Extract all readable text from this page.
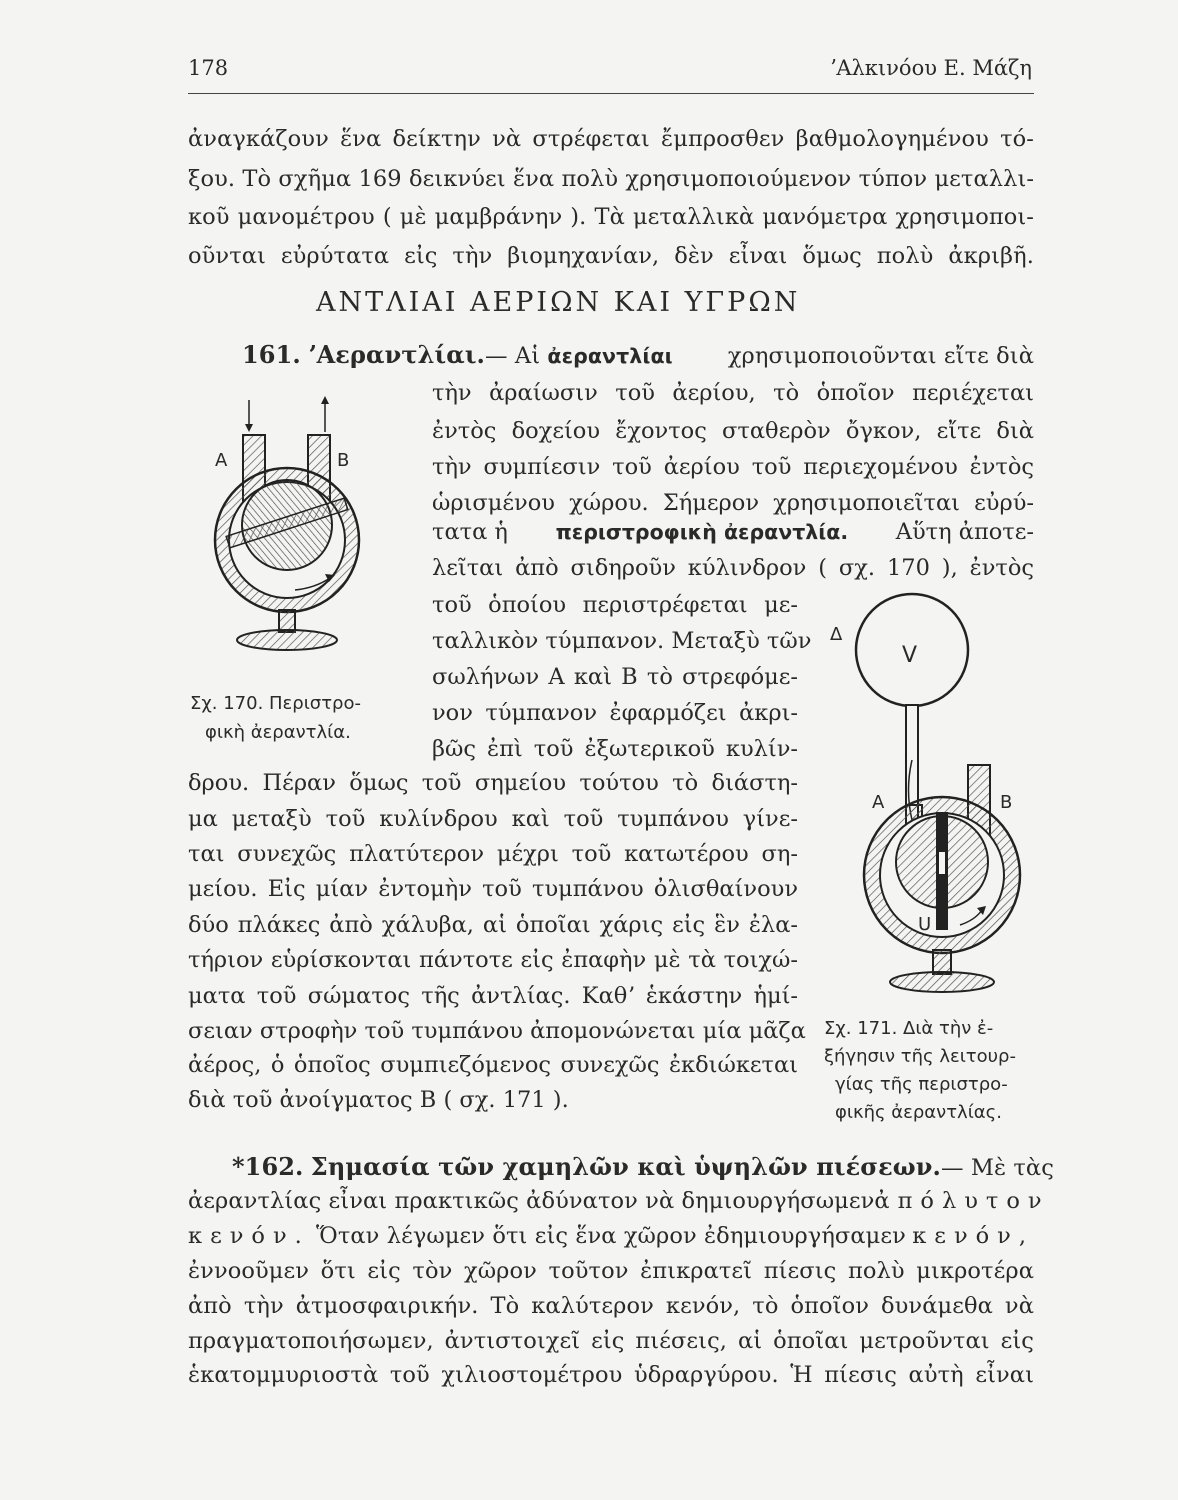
178	ʼΑλκινόου Ε. Μάζη
ἀναγκάζουν ἕνα δείκτην νὰ στρέφεται ἔμπροσθεν βαθμολογημένου τό-
ξου. Τὸ σχῆμα 169 δεικνύει ἕνα πολὺ χρησιμοποιούμενον τύπον μεταλλι-
κοῦ μανομέτρου ( μὲ μαμβράνην ). Τὰ μεταλλικὰ μανόμετρα χρησιμοποι-
οῦνται εὐρύτατα εἰς τὴν βιομηχανίαν, δὲν εἶναι ὅμως πολὺ ἀκριβῆ.
ΑΝΤΛΙΑΙ ΑΕΡΙΩΝ ΚΑΙ ΥΓΡΩΝ
161. ʼΑεραντλίαι.— Αἱ ἀεραντλίαι χρησιμοποιοῦνται εἴτε διὰ
τὴν ἀραίωσιν τοῦ ἀερίου, τὸ ὁποῖον περιέχεται
ἐντὸς δοχείου ἔχοντος σταθερὸν ὄγκον, εἴτε διὰ
τὴν συμπίεσιν τοῦ ἀερίου τοῦ περιεχομένου ἐντὸς
ὡρισμένου χώρου. Σήμερον χρησιμοποιεῖται εὐρύ-
τατα ἡ περιστροφικὴ ἀεραντλία. Αὕτη ἀποτε-
λεῖται ἀπὸ σιδηροῦν κύλινδρον ( σχ. 170 ), ἐντὸς
τοῦ ὁποίου περιστρέφεται με-
ταλλικὸν τύμπανον. Μεταξὺ τῶν
σωλήνων Α καὶ Β τὸ στρεφόμε-
νον τύμπανον ἐφαρμόζει ἀκρι-
βῶς ἐπὶ τοῦ ἐξωτερικοῦ κυλίν-
δρου. Πέραν ὅμως τοῦ σημείου τούτου τὸ διάστη-
μα μεταξὺ τοῦ κυλίνδρου καὶ τοῦ τυμπάνου γίνε-
ται συνεχῶς πλατύτερον μέχρι τοῦ κατωτέρου ση-
μείου. Εἰς μίαν ἐντομὴν τοῦ τυμπάνου ὀλισθαίνουν
δύο πλάκες ἀπὸ χάλυβα, αἱ ὁποῖαι χάρις εἰς ἓν ἐλα-
τήριον εὑρίσκονται πάντοτε εἰς ἐπαφὴν μὲ τὰ τοιχώ-
ματα τοῦ σώματος τῆς ἀντλίας. Καθʼ ἑκάστην ἡμί-
σειαν στροφὴν τοῦ τυμπάνου ἀπομονώνεται μία μᾶζα
ἀέρος, ὁ ὁποῖος συμπιεζόμενος συνεχῶς ἐκδιώκεται
διὰ τοῦ ἀνοίγματος Β ( σχ. 171 ).
A	B
Σχ. 170. Περιστρο-
φικὴ ἀεραντλία.
Δ
V
A	B
U
Σχ. 171. Διὰ τὴν ἐ-
ξήγησιν τῆς λειτουρ-
γίας τῆς περιστρο-
φικῆς ἀεραντλίας.
*162. Σημασία τῶν χαμηλῶν καὶ ὑψηλῶν πιέσεων. — Μὲ τὰς
ἀεραντλίας εἶναι πρακτικῶς ἀδύνατον νὰ δημιουργήσωμεν ἀπόλυτον
κενόν. Ὅταν λέγωμεν ὅτι εἰς ἕνα χῶρον ἐδημιουργήσαμεν κενόν,
ἐννοοῦμεν ὅτι εἰς τὸν χῶρον τοῦτον ἐπικρατεῖ πίεσις πολὺ μικροτέρα
ἀπὸ τὴν ἀτμοσφαιρικήν. Τὸ καλύτερον κενόν, τὸ ὁποῖον δυνάμεθα νὰ
πραγματοποιήσωμεν, ἀντιστοιχεῖ εἰς πιέσεις, αἱ ὁποῖαι μετροῦνται εἰς
ἑκατομμυριοστὰ τοῦ χιλιοστομέτρου ὑδραργύρου. Ἡ πίεσις αὐτὴ εἶναι
